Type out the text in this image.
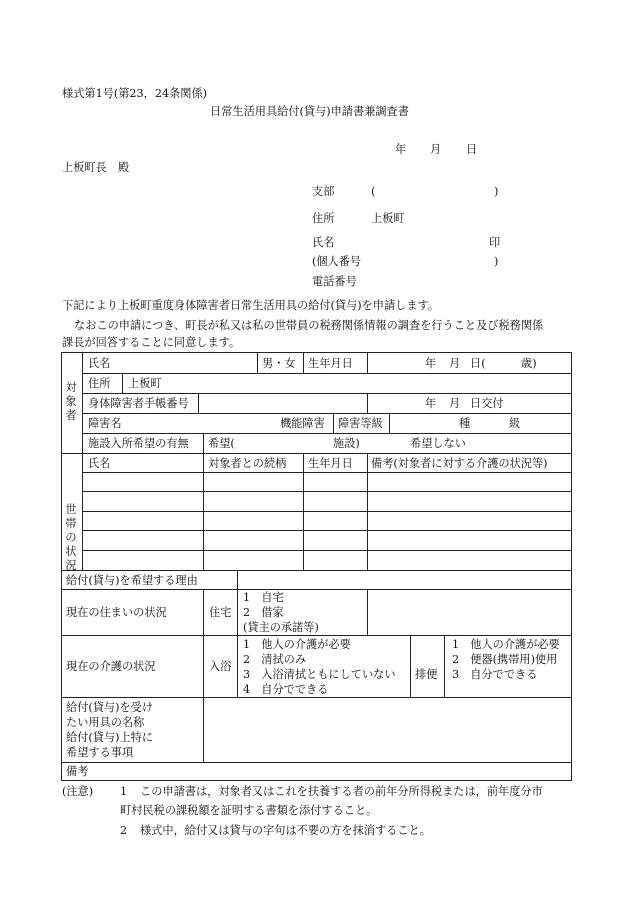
様式第1号(第23，24条関係)
日常生活用具給付(貸与)申請書兼調査書
年 月 日
上板町長　殿
支部	(	)
住所	上板町
氏名	印
(個人番号	)
電話番号
下記により上板町重度身体障害者日常生活用具の給付(貸与)を申請します。
なおこの申請につき、町長が私又は私の世帯員の税務関係情報の調査を行うこと及び税務関係
課長が回答することに同意します。
対象者
氏名	男・女 生年月日	年 月 日(	歳)
住所 上板町
身体障害者手帳番号	年 月 日交付
障害名	機能障害 障害等級	種	級
施設入所希望の有無 希望(	施設)	希望しない
世帯の状況
氏名	対象者との続柄 生年月日 備考(対象者に対する介護の状況等)
給付(貸与)を希望する理由
現在の住まいの状況	住宅
1　自宅
2　借家
(貸主の承諾等)
現在の介護の状況	入浴
1　他人の介護が必要
2　清拭のみ
3　入浴清拭ともにしていない
4　自分でできる
排便
1　他人の介護が必要
2　便器(携帯用)使用
3　自分でできる
給付(貸与)を受け
たい用具の名称
給付(貸与)上特に
希望する事項
備考
(注意) 1 この申請書は，対象者又はこれを扶養する者の前年分所得税または，前年度分市
町村民税の課税額を証明する書類を添付すること。
2 様式中，給付又は貸与の字句は不要の方を抹消すること。
